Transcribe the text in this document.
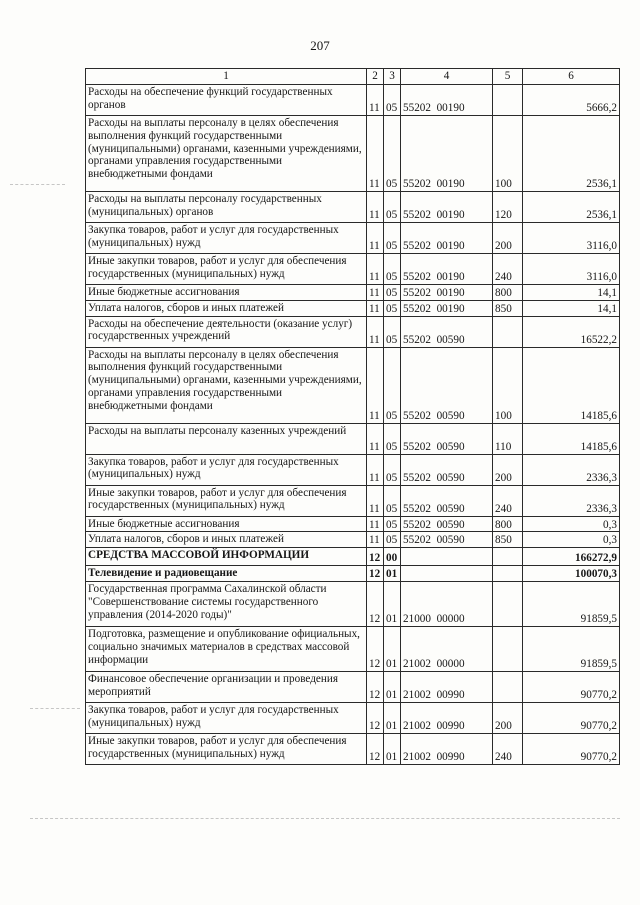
207
1	2	3	4	5	6
Расходы на обеспечение функций государственных органов	11	05	55202 00190		5666,2
Расходы на выплаты персоналу в целях обеспечения выполнения функций государственными (муниципальными) органами, казенными учреждениями, органами управления государственными внебюджетными фондами	11	05	55202 00190	100	2536,1
Расходы на выплаты персоналу государственных (муниципальных) органов	11	05	55202 00190	120	2536,1
Закупка товаров, работ и услуг для государственных (муниципальных) нужд	11	05	55202 00190	200	3116,0
Иные закупки товаров, работ и услуг для обеспечения государственных (муниципальных) нужд	11	05	55202 00190	240	3116,0
Иные бюджетные ассигнования	11	05	55202 00190	800	14,1
Уплата налогов, сборов и иных платежей	11	05	55202 00190	850	14,1
Расходы на обеспечение деятельности (оказание услуг) государственных учреждений	11	05	55202 00590		16522,2
Расходы на выплаты персоналу в целях обеспечения выполнения функций государственными (муниципальными) органами, казенными учреждениями, органами управления государственными внебюджетными фондами	11	05	55202 00590	100	14185,6
Расходы на выплаты персоналу казенных учреждений	11	05	55202 00590	110	14185,6
Закупка товаров, работ и услуг для государственных (муниципальных) нужд	11	05	55202 00590	200	2336,3
Иные закупки товаров, работ и услуг для обеспечения государственных (муниципальных) нужд	11	05	55202 00590	240	2336,3
Иные бюджетные ассигнования	11	05	55202 00590	800	0,3
Уплата налогов, сборов и иных платежей	11	05	55202 00590	850	0,3
СРЕДСТВА МАССОВОЙ ИНФОРМАЦИИ	12	00			166272,9
Телевидение и радиовещание	12	01			100070,3
Государственная программа Сахалинской области "Совершенствование системы государственного управления (2014-2020 годы)"	12	01	21000 00000		91859,5
Подготовка, размещение и опубликование официальных, социально значимых материалов в средствах массовой информации	12	01	21002 00000		91859,5
Финансовое обеспечение организации и проведения мероприятий	12	01	21002 00990		90770,2
Закупка товаров, работ и услуг для государственных (муниципальных) нужд	12	01	21002 00990	200	90770,2
Иные закупки товаров, работ и услуг для обеспечения государственных (муниципальных) нужд	12	01	21002 00990	240	90770,2
